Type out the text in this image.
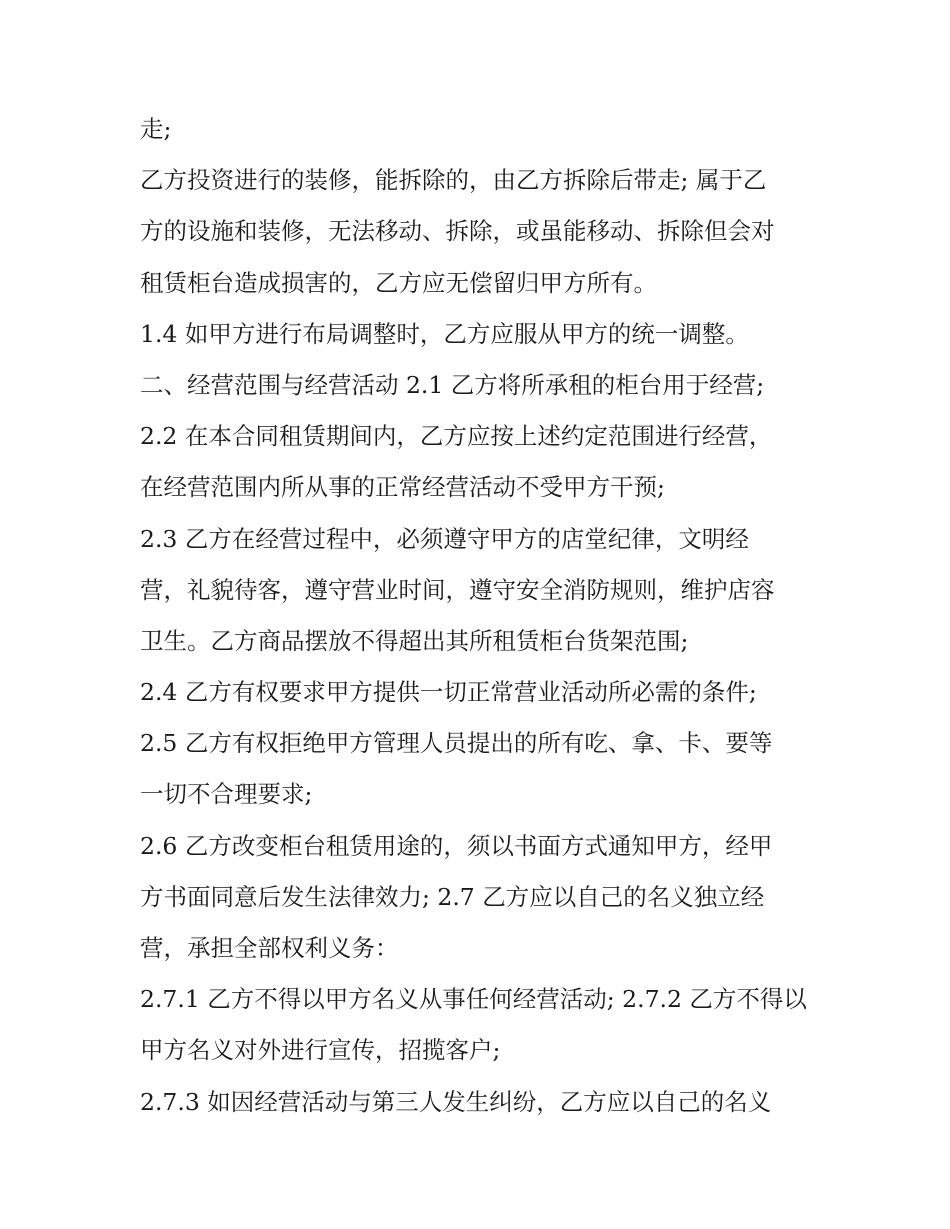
走;
乙方投资进行的装修，能拆除的，由乙方拆除后带走; 属于乙
方的设施和装修，无法移动、拆除，或虽能移动、拆除但会对
租赁柜台造成损害的，乙方应无偿留归甲方所有。
1.4 如甲方进行布局调整时，乙方应服从甲方的统一调整。
二、经营范围与经营活动 2.1 乙方将所承租的柜台用于经营;
2.2 在本合同租赁期间内，乙方应按上述约定范围进行经营，
在经营范围内所从事的正常经营活动不受甲方干预;
2.3 乙方在经营过程中，必须遵守甲方的店堂纪律，文明经
营，礼貌待客，遵守营业时间，遵守安全消防规则，维护店容
卫生。乙方商品摆放不得超出其所租赁柜台货架范围;
2.4 乙方有权要求甲方提供一切正常营业活动所必需的条件;
2.5 乙方有权拒绝甲方管理人员提出的所有吃、拿、卡、要等
一切不合理要求;
2.6 乙方改变柜台租赁用途的，须以书面方式通知甲方，经甲
方书面同意后发生法律效力; 2.7 乙方应以自己的名义独立经
营，承担全部权利义务：
2.7.1 乙方不得以甲方名义从事任何经营活动; 2.7.2 乙方不得以
甲方名义对外进行宣传，招揽客户;
2.7.3 如因经营活动与第三人发生纠纷，乙方应以自己的名义
